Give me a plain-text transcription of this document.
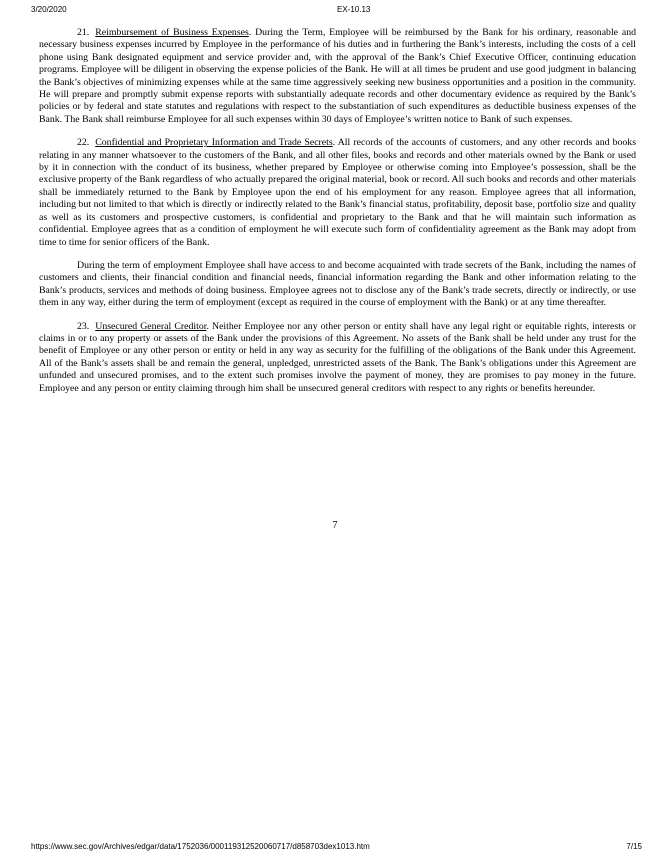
3/20/2020	EX-10.13

21. Reimbursement of Business Expenses. During the Term, Employee will be reimbursed by the Bank for his ordinary, reasonable and necessary business expenses incurred by Employee in the performance of his duties and in furthering the Bank’s interests, including the costs of a cell phone using Bank designated equipment and service provider and, with the approval of the Bank’s Chief Executive Officer, continuing education programs. Employee will be diligent in observing the expense policies of the Bank. He will at all times be prudent and use good judgment in balancing the Bank’s objectives of minimizing expenses while at the same time aggressively seeking new business opportunities and a position in the community. He will prepare and promptly submit expense reports with substantially adequate records and other documentary evidence as required by the Bank’s policies or by federal and state statutes and regulations with respect to the substantiation of such expenditures as deductible business expenses of the Bank. The Bank shall reimburse Employee for all such expenses within 30 days of Employee’s written notice to Bank of such expenses.

22. Confidential and Proprietary Information and Trade Secrets. All records of the accounts of customers, and any other records and books relating in any manner whatsoever to the customers of the Bank, and all other files, books and records and other materials owned by the Bank or used by it in connection with the conduct of its business, whether prepared by Employee or otherwise coming into Employee’s possession, shall be the exclusive property of the Bank regardless of who actually prepared the original material, book or record. All such books and records and other materials shall be immediately returned to the Bank by Employee upon the end of his employment for any reason. Employee agrees that all information, including but not limited to that which is directly or indirectly related to the Bank’s financial status, profitability, deposit base, portfolio size and quality as well as its customers and prospective customers, is confidential and proprietary to the Bank and that he will maintain such information as confidential. Employee agrees that as a condition of employment he will execute such form of confidentiality agreement as the Bank may adopt from time to time for senior officers of the Bank.

During the term of employment Employee shall have access to and become acquainted with trade secrets of the Bank, including the names of customers and clients, their financial condition and financial needs, financial information regarding the Bank and other information relating to the Bank’s products, services and methods of doing business. Employee agrees not to disclose any of the Bank’s trade secrets, directly or indirectly, or use them in any way, either during the term of employment (except as required in the course of employment with the Bank) or at any time thereafter.

23. Unsecured General Creditor. Neither Employee nor any other person or entity shall have any legal right or equitable rights, interests or claims in or to any property or assets of the Bank under the provisions of this Agreement. No assets of the Bank shall be held under any trust for the benefit of Employee or any other person or entity or held in any way as security for the fulfilling of the obligations of the Bank under this Agreement. All of the Bank’s assets shall be and remain the general, unpledged, unrestricted assets of the Bank. The Bank’s obligations under this Agreement are unfunded and unsecured promises, and to the extent such promises involve the payment of money, they are promises to pay money in the future. Employee and any person or entity claiming through him shall be unsecured general creditors with respect to any rights or benefits hereunder.

7
https://www.sec.gov/Archives/edgar/data/1752036/000119312520060717/d858703dex1013.htm	7/15
